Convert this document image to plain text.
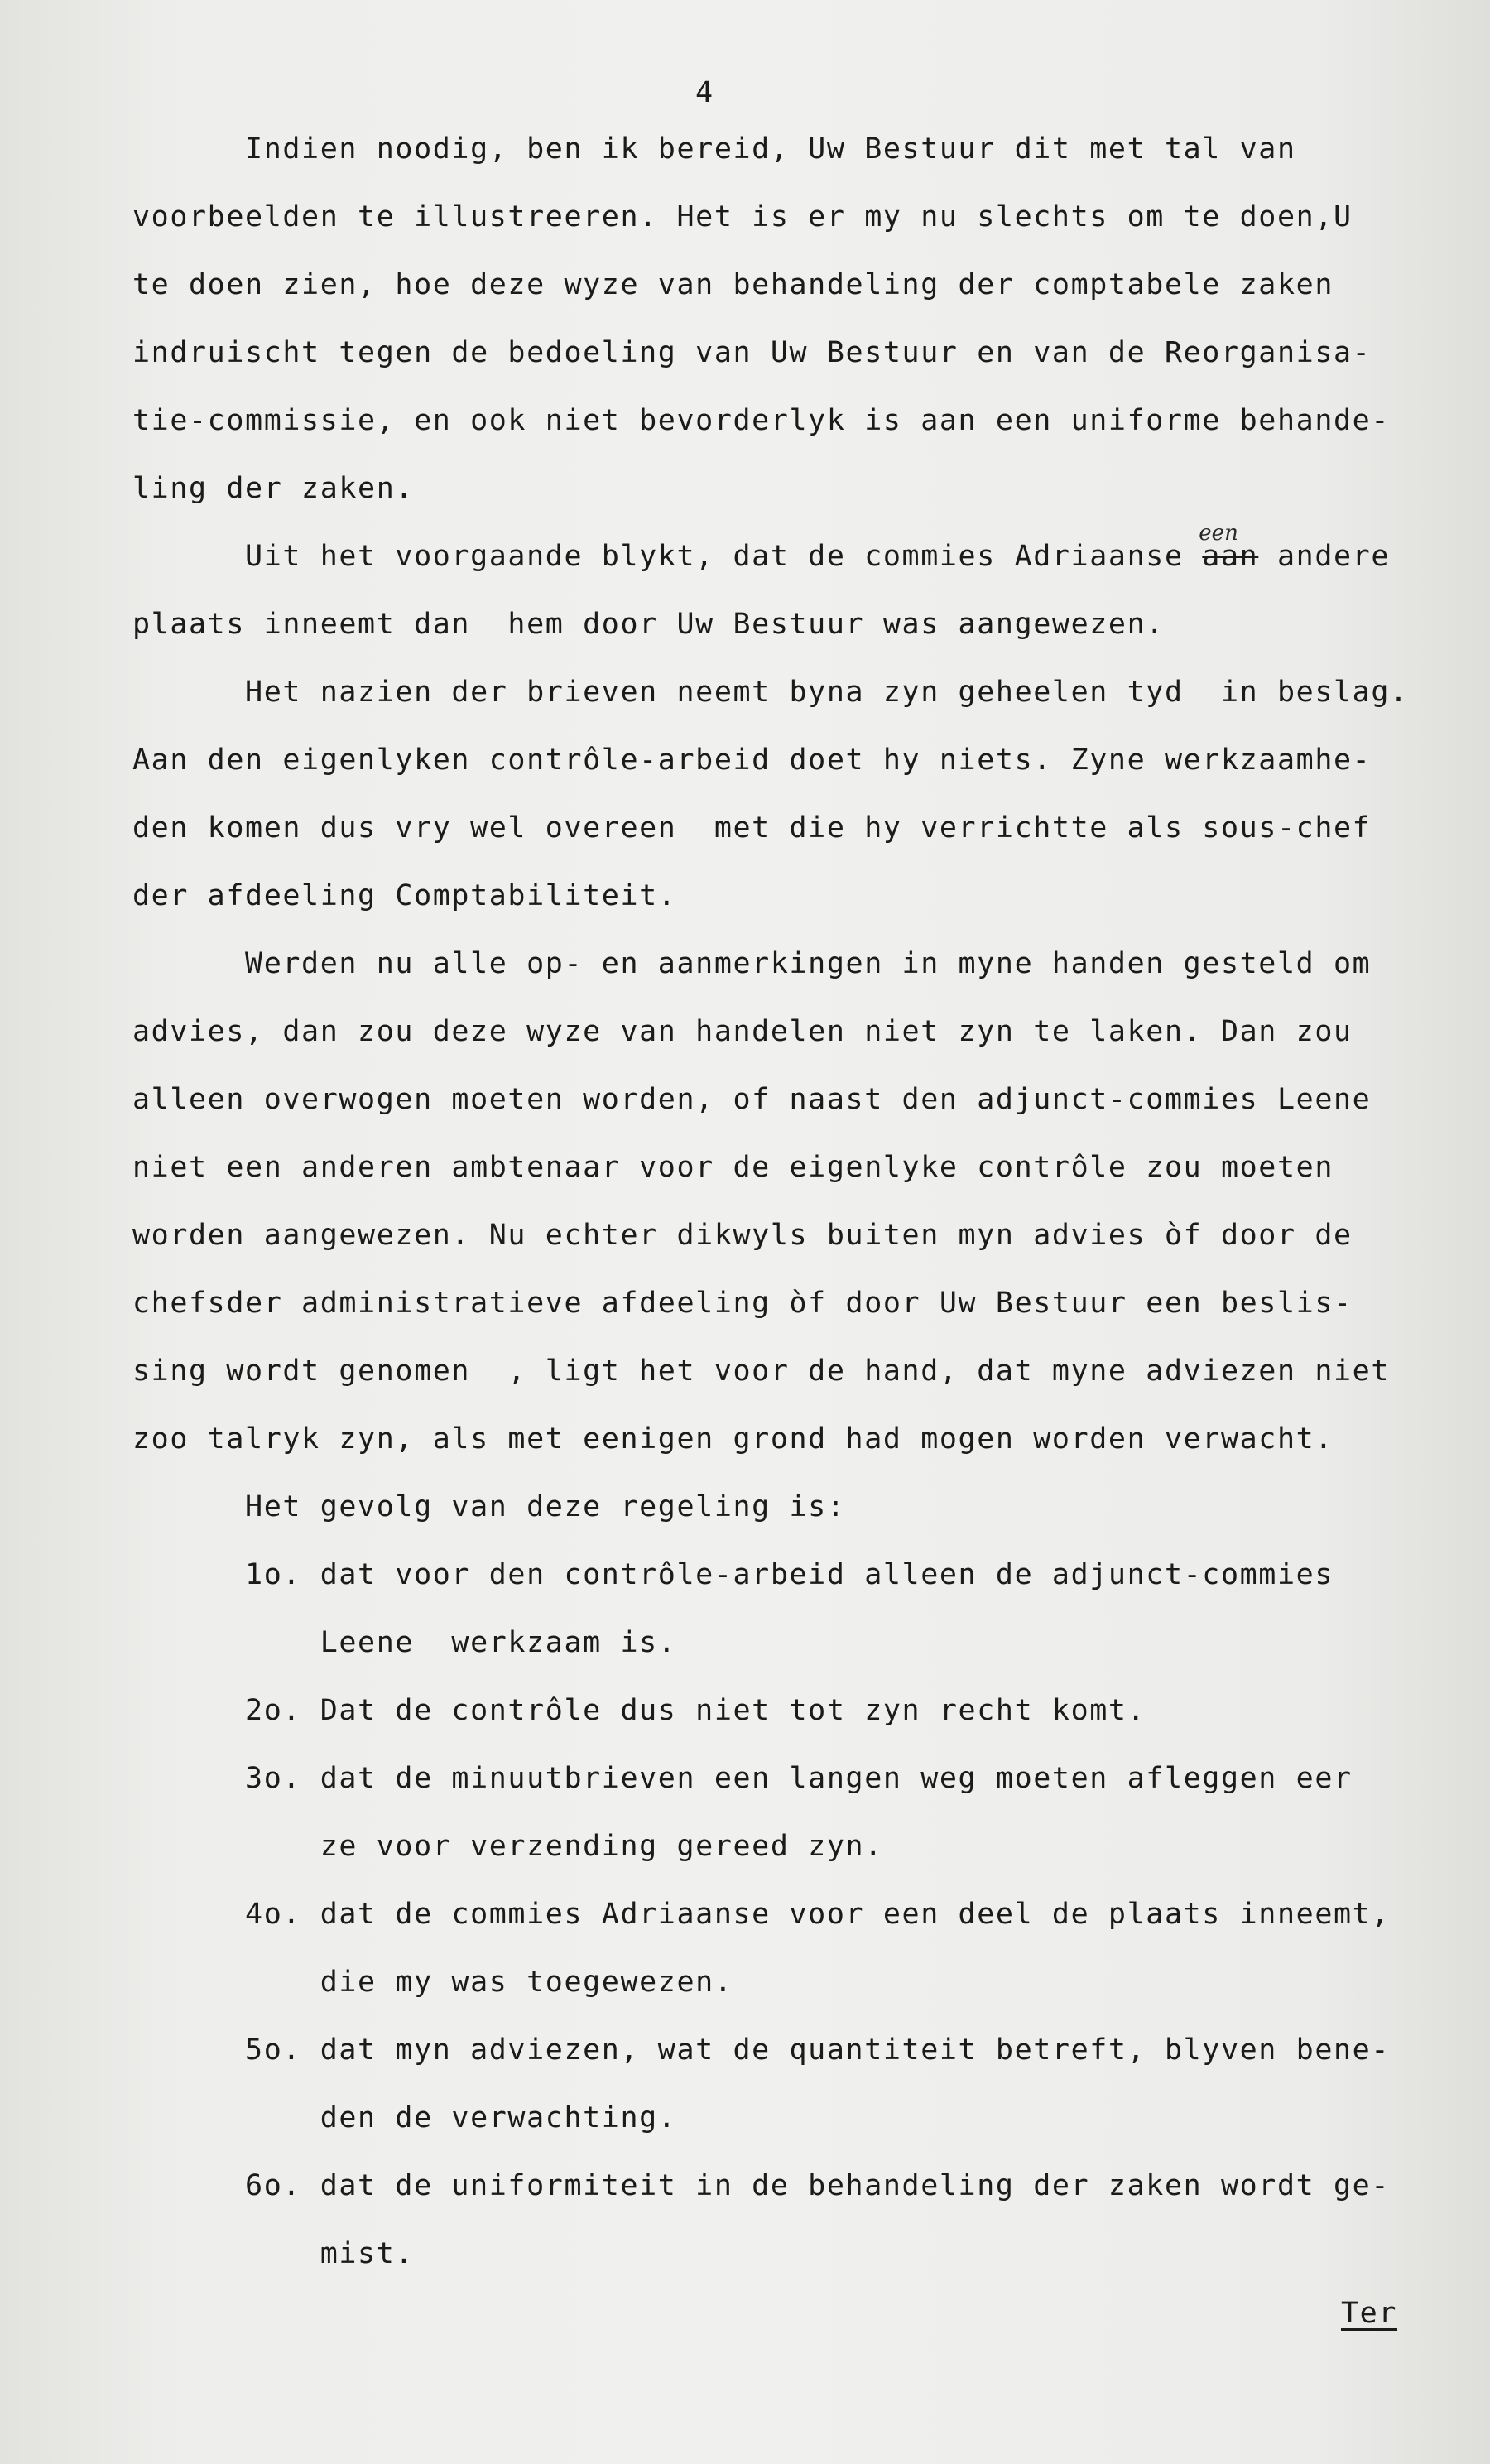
4
Indien noodig, ben ik bereid, Uw Bestuur dit met tal van
voorbeelden te illustreeren. Het is er my nu slechts om te doen,U
te doen zien, hoe deze wyze van behandeling der comptabele zaken
indruischt tegen de bedoeling van Uw Bestuur en van de Reorganisa-
tie-commissie, en ook niet bevorderlyk is aan een uniforme behande-
ling der zaken.
Uit het voorgaande blykt, dat de commies Adriaanse
een
aan andere
plaats inneemt dan  hem door Uw Bestuur was aangewezen.
Het nazien der brieven neemt byna zyn geheelen tyd  in beslag.
Aan den eigenlyken contrôle-arbeid doet hy niets. Zyne werkzaamhe-
den komen dus vry wel overeen  met die hy verrichtte als sous-chef
der afdeeling Comptabiliteit.
Werden nu alle op- en aanmerkingen in myne handen gesteld om
advies, dan zou deze wyze van handelen niet zyn te laken. Dan zou
alleen overwogen moeten worden, of naast den adjunct-commies Leene
niet een anderen ambtenaar voor de eigenlyke contrôle zou moeten
worden aangewezen. Nu echter dikwyls buiten myn advies òf door de
chefsder administratieve afdeeling òf door Uw Bestuur een beslis-
sing wordt genomen  , ligt het voor de hand, dat myne adviezen niet
zoo talryk zyn, als met eenigen grond had mogen worden verwacht.
Het gevolg van deze regeling is:
1o. dat voor den contrôle-arbeid alleen de adjunct-commies
Leene  werkzaam is.
2o. Dat de contrôle dus niet tot zyn recht komt.
3o. dat de minuutbrieven een langen weg moeten afleggen eer
ze voor verzending gereed zyn.
4o. dat de commies Adriaanse voor een deel de plaats inneemt,
die my was toegewezen.
5o. dat myn adviezen, wat de quantiteit betreft, blyven bene-
den de verwachting.
6o. dat de uniformiteit in de behandeling der zaken wordt ge-
mist.
Ter
